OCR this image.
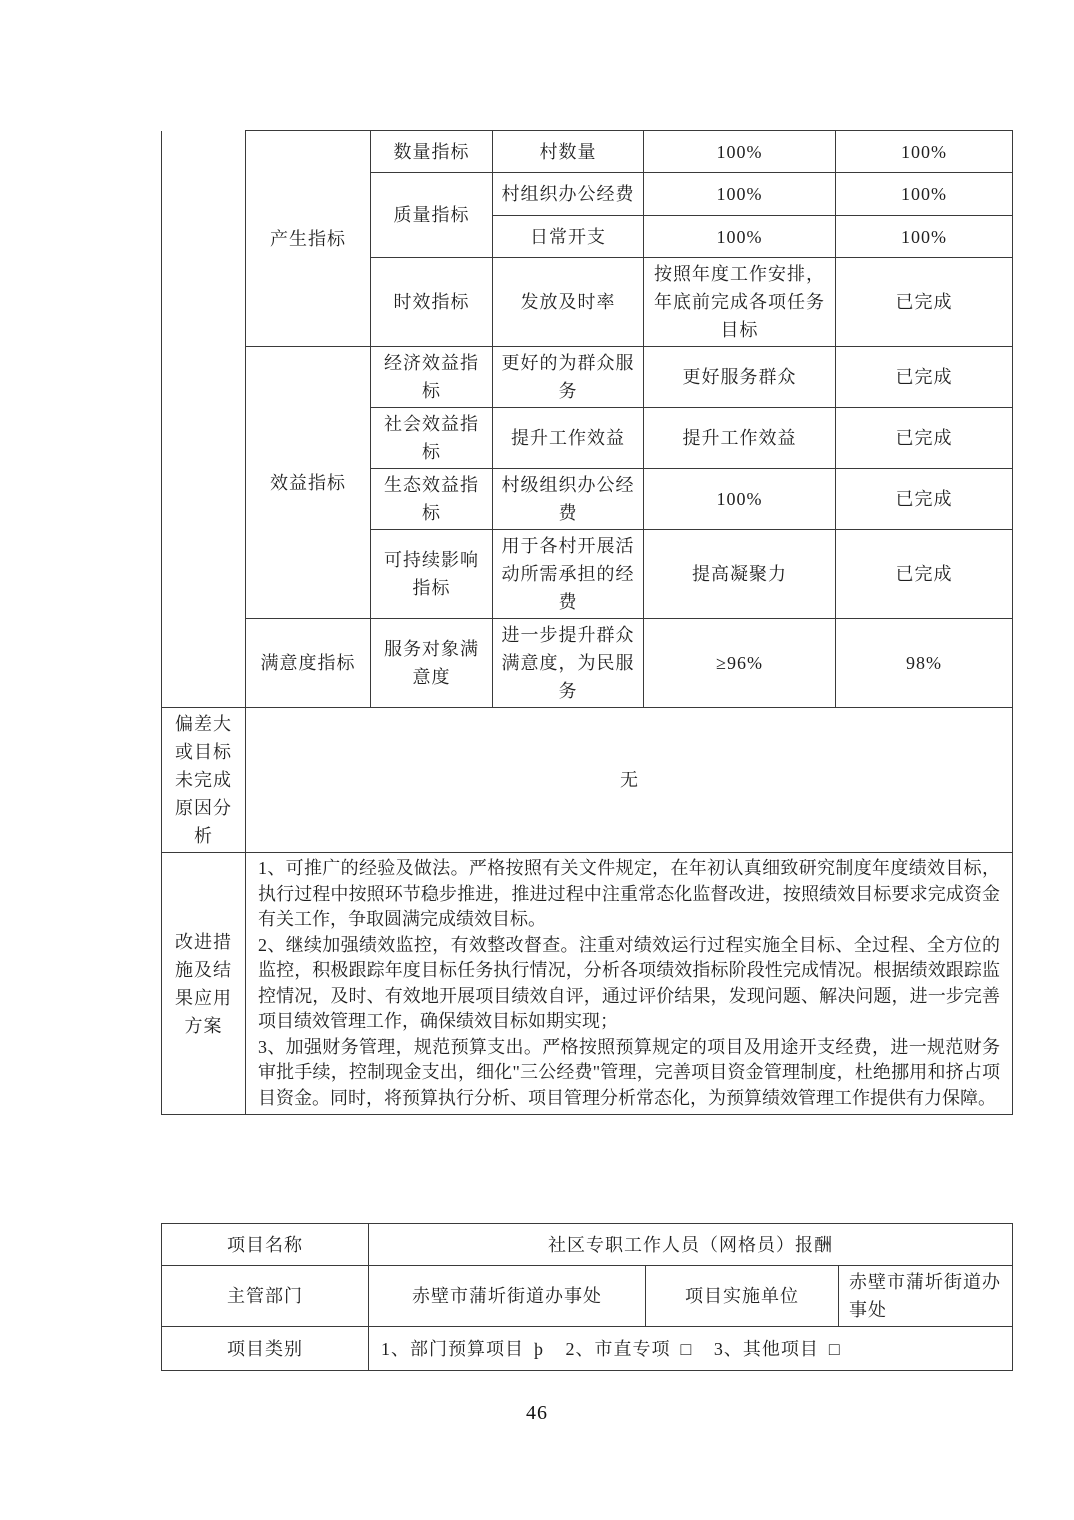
	产生指标	数量指标	村数量	100%	100%
		质量指标	村组织办公经费	100%	100%
			日常开支	100%	100%
		时效指标	发放及时率	按照年度工作安排，年底前完成各项任务目标	已完成
	效益指标	经济效益指标	更好的为群众服务	更好服务群众	已完成
		社会效益指标	提升工作效益	提升工作效益	已完成
		生态效益指标	村级组织办公经费	100%	已完成
		可持续影响指标	用于各村开展活动所需承担的经费	提高凝聚力	已完成
	满意度指标	服务对象满意度	进一步提升群众满意度，为民服务	≥96%	98%
偏差大或目标未完成原因分析	无				
改进措施及结果应用方案	1、可推广的经验及做法。严格按照有关文件规定，在年初认真细致研究制度年度绩效目标，执行过程中按照环节稳步推进，推进过程中注重常态化监督改进，按照绩效目标要求完成资金有关工作，争取圆满完成绩效目标。
2、继续加强绩效监控，有效整改督查。注重对绩效运行过程实施全目标、全过程、全方位的监控，积极跟踪年度目标任务执行情况，分析各项绩效指标阶段性完成情况。根据绩效跟踪监控情况，及时、有效地开展项目绩效自评，通过评价结果，发现问题、解决问题，进一步完善项目绩效管理工作，确保绩效目标如期实现；
3、加强财务管理，规范预算支出。严格按照预算规定的项目及用途开支经费，进一规范财务审批手续，控制现金支出，细化"三公经费"管理，完善项目资金管理制度，杜绝挪用和挤占项目资金。同时，将预算执行分析、项目管理分析常态化，为预算绩效管理工作提供有力保障。				
项目名称	社区专职工作人员（网格员）报酬		
主管部门	赤壁市蒲圻街道办事处	项目实施单位	赤壁市蒲圻街道办事处
项目类别	1、部门预算项目 þ 2、市直专项 □ 3、其他项目 □		
46
